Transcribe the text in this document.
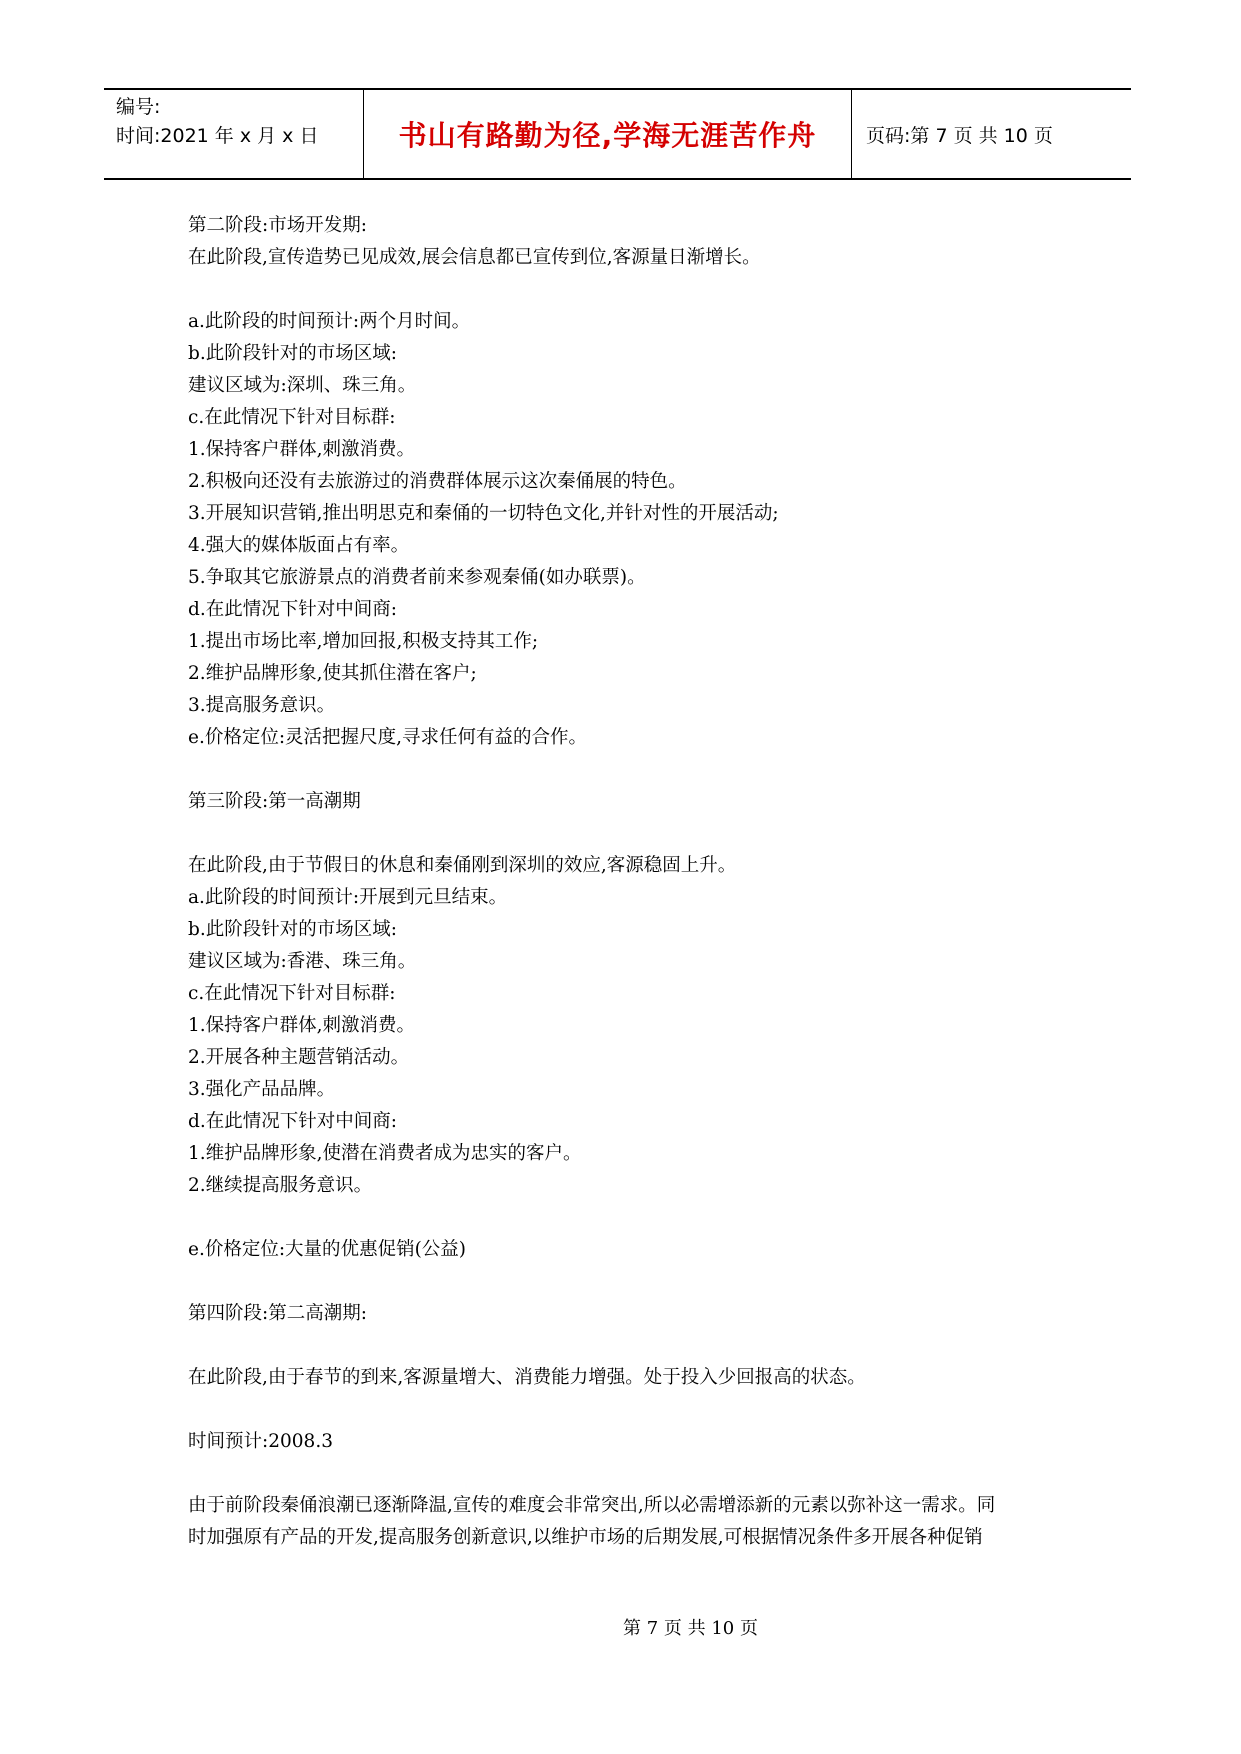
编号:
时间:2021 年 x 月 x 日	书山有路勤为径,学海无涯苦作舟	页码:第 7 页 共 10 页

第二阶段:市场开发期:

在此阶段,宣传造势已见成效,展会信息都已宣传到位,客源量日渐增长。

a.此阶段的时间预计:两个月时间。

b.此阶段针对的市场区域:

建议区域为:深圳、珠三角。

c.在此情况下针对目标群:

1.保持客户群体,刺激消费。

2.积极向还没有去旅游过的消费群体展示这次秦俑展的特色。

3.开展知识营销,推出明思克和秦俑的一切特色文化,并针对性的开展活动;

4.强大的媒体版面占有率。

5.争取其它旅游景点的消费者前来参观秦俑(如办联票)。

d.在此情况下针对中间商:

1.提出市场比率,增加回报,积极支持其工作;

2.维护品牌形象,使其抓住潜在客户;

3.提高服务意识。

e.价格定位:灵活把握尺度,寻求任何有益的合作。

第三阶段:第一高潮期

在此阶段,由于节假日的休息和秦俑刚到深圳的效应,客源稳固上升。

a.此阶段的时间预计:开展到元旦结束。

b.此阶段针对的市场区域:

建议区域为:香港、珠三角。

c.在此情况下针对目标群:

1.保持客户群体,刺激消费。

2.开展各种主题营销活动。

3.强化产品品牌。

d.在此情况下针对中间商:

1.维护品牌形象,使潜在消费者成为忠实的客户。

2.继续提高服务意识。

e.价格定位:大量的优惠促销(公益)

第四阶段:第二高潮期:

在此阶段,由于春节的到来,客源量增大、消费能力增强。处于投入少回报高的状态。

时间预计:2008.3

由于前阶段秦俑浪潮已逐渐降温,宣传的难度会非常突出,所以必需增添新的元素以弥补这一需求。同

时加强原有产品的开发,提高服务创新意识,以维护市场的后期发展,可根据情况条件多开展各种促销

第 7 页 共 10 页
